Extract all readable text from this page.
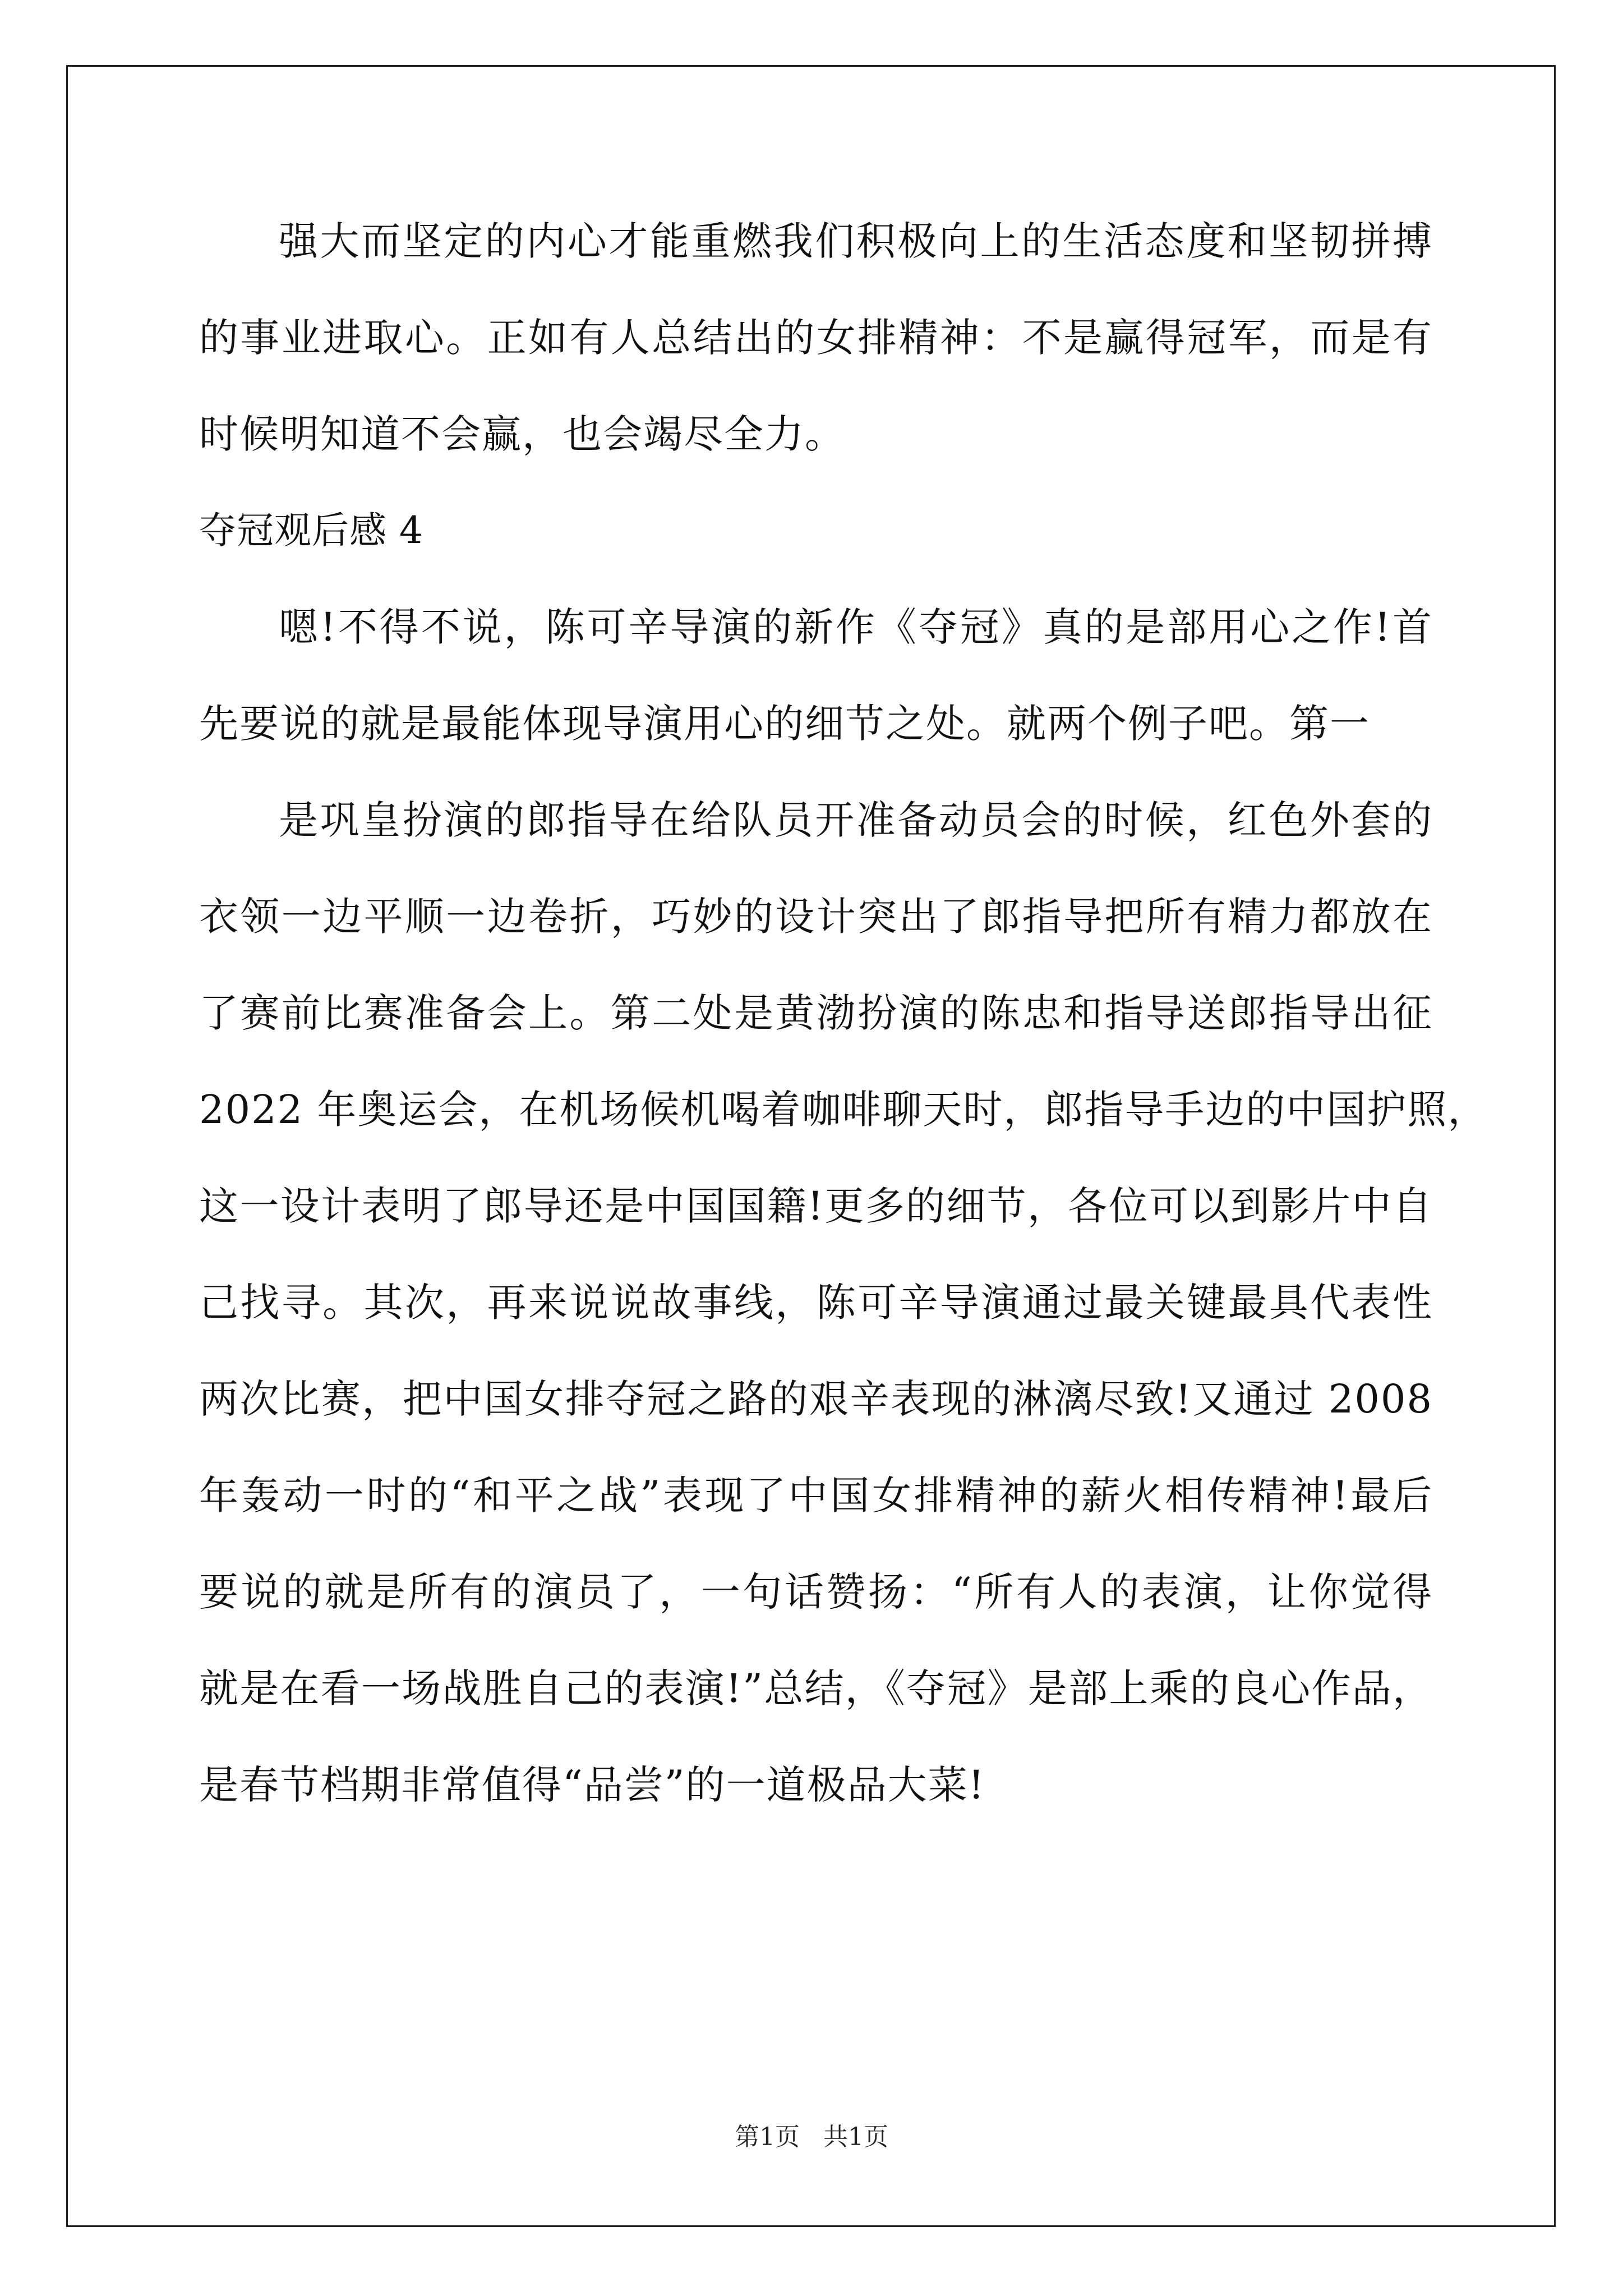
强大而坚定的内心才能重燃我们积极向上的生活态度和坚韧拼搏
的事业进取心。正如有人总结出的女排精神：不是赢得冠军，而是有
时候明知道不会赢，也会竭尽全力。
夺冠观后感 4
嗯!不得不说，陈可辛导演的新作《夺冠》真的是部用心之作!首
先要说的就是最能体现导演用心的细节之处。就两个例子吧。第一
是巩皇扮演的郎指导在给队员开准备动员会的时候，红色外套的
衣领一边平顺一边卷折，巧妙的设计突出了郎指导把所有精力都放在
了赛前比赛准备会上。第二处是黄渤扮演的陈忠和指导送郎指导出征
2022 年奥运会，在机场候机喝着咖啡聊天时，郎指导手边的中国护照，
这一设计表明了郎导还是中国国籍!更多的细节，各位可以到影片中自
己找寻。其次，再来说说故事线，陈可辛导演通过最关键最具代表性
两次比赛，把中国女排夺冠之路的艰辛表现的淋漓尽致!又通过 2008
年轰动一时的“和平之战”表现了中国女排精神的薪火相传精神!最后
要说的就是所有的演员了，一句话赞扬：“所有人的表演，让你觉得
就是在看一场战胜自己的表演!”总结，《夺冠》是部上乘的良心作品，
是春节档期非常值得“品尝”的一道极品大菜!
第1页 共1页
